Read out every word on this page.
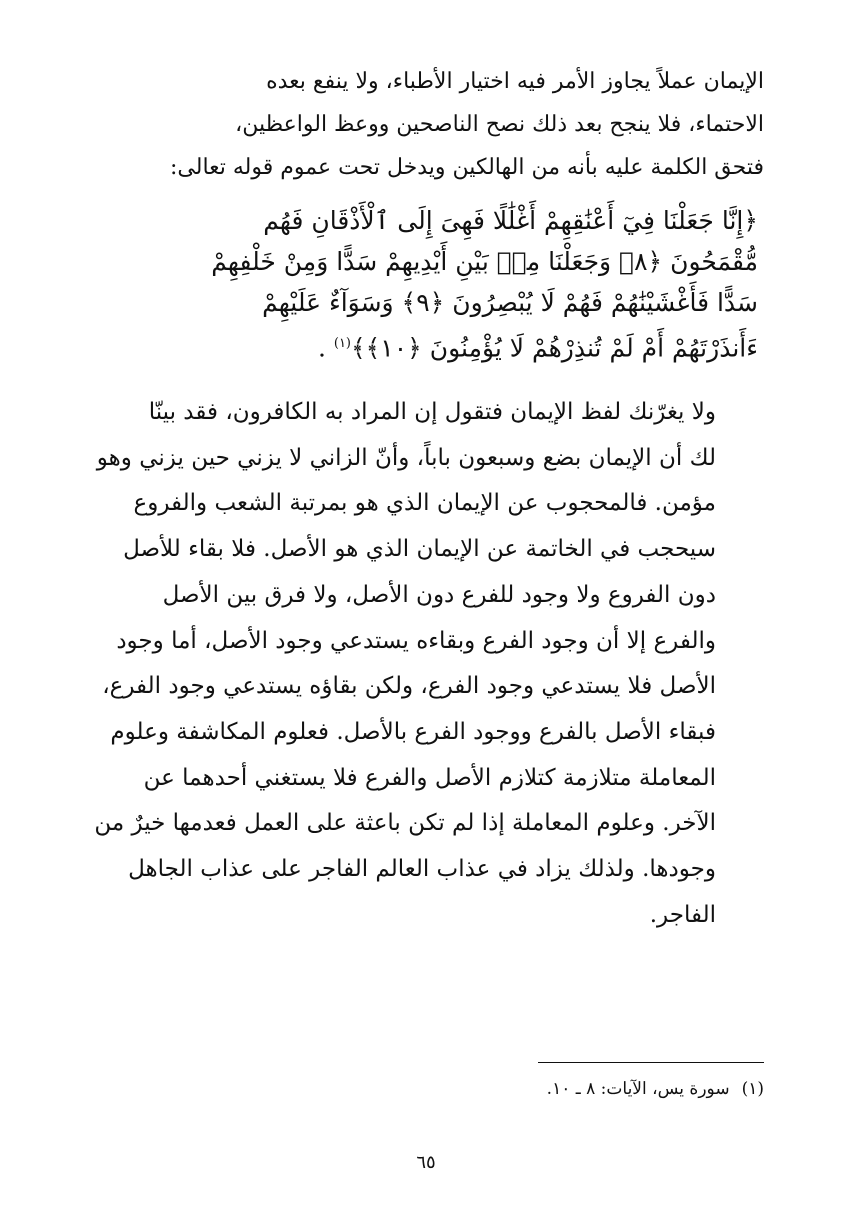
الإيمان عملاً يجاوز الأمر فيه اختيار الأطباء، ولا ينفع بعده
الاحتماء، فلا ينجح بعد ذلك نصح الناصحين ووعظ الواعظين،
فتحق الكلمة عليه بأنه من الهالكين ويدخل تحت عموم قوله تعالى:
﴿إِنَّا جَعَلْنَا فِيٓ أَعْنَٰقِهِمْ أَغْلَٰلًا فَهِىَ إِلَى ٱلْأَذْقَانِ فَهُم
مُّقْمَحُونَ ﴿٨﴾ وَجَعَلْنَا مِنۢ بَيْنِ أَيْدِيهِمْ سَدًّا وَمِنْ خَلْفِهِمْ
سَدًّا فَأَغْشَيْنَٰهُمْ فَهُمْ لَا يُبْصِرُونَ ﴿٩﴾ وَسَوَآءٌ عَلَيْهِمْ
ءَأَنذَرْتَهُمْ أَمْ لَمْ تُنذِرْهُمْ لَا يُؤْمِنُونَ ﴿١٠﴾﴾$^{(١)}$ .
ولا يغرّنك لفظ الإيمان فتقول إن المراد به الكافرون، فقد بينّا
لك أن الإيمان بضع وسبعون باباً، وأنّ الزاني لا يزني حين يزني وهو
مؤمن. فالمحجوب عن الإيمان الذي هو بمرتبة الشعب والفروع
سيحجب في الخاتمة عن الإيمان الذي هو الأصل. فلا بقاء للأصل
دون الفروع ولا وجود للفرع دون الأصل، ولا فرق بين الأصل
والفرع إلا أن وجود الفرع وبقاءه يستدعي وجود الأصل، أما وجود
الأصل فلا يستدعي وجود الفرع، ولكن بقاؤه يستدعي وجود الفرع،
فبقاء الأصل بالفرع ووجود الفرع بالأصل. فعلوم المكاشفة وعلوم
المعاملة متلازمة كتلازم الأصل والفرع فلا يستغني أحدهما عن
الآخر. وعلوم المعاملة إذا لم تكن باعثة على العمل فعدمها خيرٌ من
وجودها. ولذلك يزاد في عذاب العالم الفاجر على عذاب الجاهل
الفاجر.
(١)سورة يس، الآيات: ٨ ـ ١٠.
٦٥
